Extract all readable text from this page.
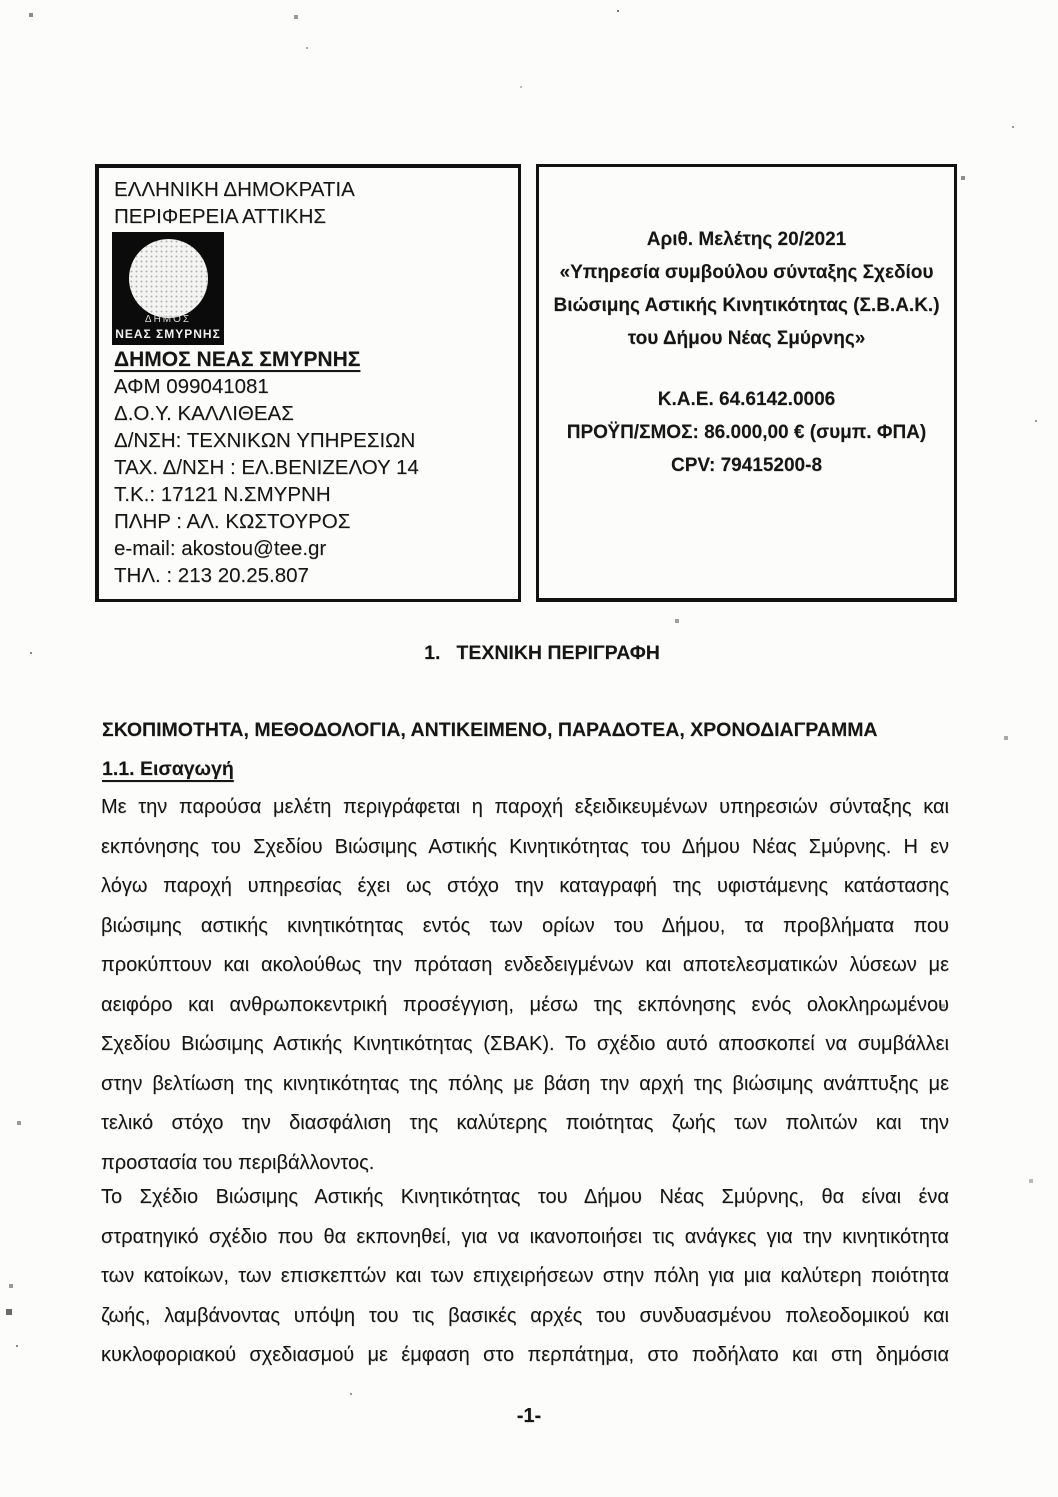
ΕΛΛΗΝΙΚΗ ΔΗΜΟΚΡΑΤΙΑ
ΠΕΡΙΦΕΡΕΙΑ ΑΤΤΙΚΗΣ
ΔΗΜΟΣ
ΝΕΑΣ ΣΜΥΡΝΗΣ
ΔΗΜΟΣ ΝΕΑΣ ΣΜΥΡΝΗΣ
ΑΦΜ 099041081
Δ.Ο.Υ. ΚΑΛΛΙΘΕΑΣ
Δ/ΝΣΗ: ΤΕΧΝΙΚΩΝ ΥΠΗΡΕΣΙΩΝ
ΤΑΧ. Δ/ΝΣΗ : ΕΛ.ΒΕΝΙΖΕΛΟΥ 14
Τ.Κ.: 17121 Ν.ΣΜΥΡΝΗ
ΠΛΗΡ : ΑΛ. ΚΩΣΤΟΥΡΟΣ
e-mail: akostou@tee.gr
ΤΗΛ. : 213 20.25.807
Αριθ. Μελέτης 20/2021
«Υπηρεσία συμβούλου σύνταξης Σχεδίου
Βιώσιμης Αστικής Κινητικότητας (Σ.Β.Α.Κ.)
του Δήμου Νέας Σμύρνης»
Κ.Α.Ε. 64.6142.0006
ΠΡΟΫΠ/ΣΜΟΣ: 86.000,00 € (συμπ. ΦΠΑ)
CPV: 79415200-8
1. ΤΕΧΝΙΚΗ ΠΕΡΙΓΡΑΦΗ
ΣΚΟΠΙΜΟΤΗΤΑ, ΜΕΘΟΔΟΛΟΓΙΑ, ΑΝΤΙΚΕΙΜΕΝΟ, ΠΑΡΑΔΟΤΕΑ, ΧΡΟΝΟΔΙΑΓΡΑΜΜΑ
1.1. Εισαγωγή
Με την παρούσα μελέτη περιγράφεται η παροχή εξειδικευμένων υπηρεσιών σύνταξης και
εκπόνησης του Σχεδίου Βιώσιμης Αστικής Κινητικότητας του Δήμου Νέας Σμύρνης. Η εν
λόγω παροχή υπηρεσίας έχει ως στόχο την καταγραφή της υφιστάμενης κατάστασης
βιώσιμης αστικής κινητικότητας εντός των ορίων του Δήμου, τα προβλήματα που
προκύπτουν και ακολούθως την πρόταση ενδεδειγμένων και αποτελεσματικών λύσεων με
αειφόρο και ανθρωποκεντρική προσέγγιση, μέσω της εκπόνησης ενός ολοκληρωμένου
Σχεδίου Βιώσιμης Αστικής Κινητικότητας (ΣΒΑΚ). Το σχέδιο αυτό αποσκοπεί να συμβάλλει
στην βελτίωση της κινητικότητας της πόλης με βάση την αρχή της βιώσιμης ανάπτυξης με
τελικό στόχο την διασφάλιση της καλύτερης ποιότητας ζωής των πολιτών και την
προστασία του περιβάλλοντος.
Το Σχέδιο Βιώσιμης Αστικής Κινητικότητας του Δήμου Νέας Σμύρνης, θα είναι ένα
στρατηγικό σχέδιο που θα εκπονηθεί, για να ικανοποιήσει τις ανάγκες για την κινητικότητα
των κατοίκων, των επισκεπτών και των επιχειρήσεων στην πόλη για μια καλύτερη ποιότητα
ζωής, λαμβάνοντας υπόψη του τις βασικές αρχές του συνδυασμένου πολεοδομικού και
κυκλοφοριακού σχεδιασμού με έμφαση στο περπάτημα, στο ποδήλατο και στη δημόσια
-1-
